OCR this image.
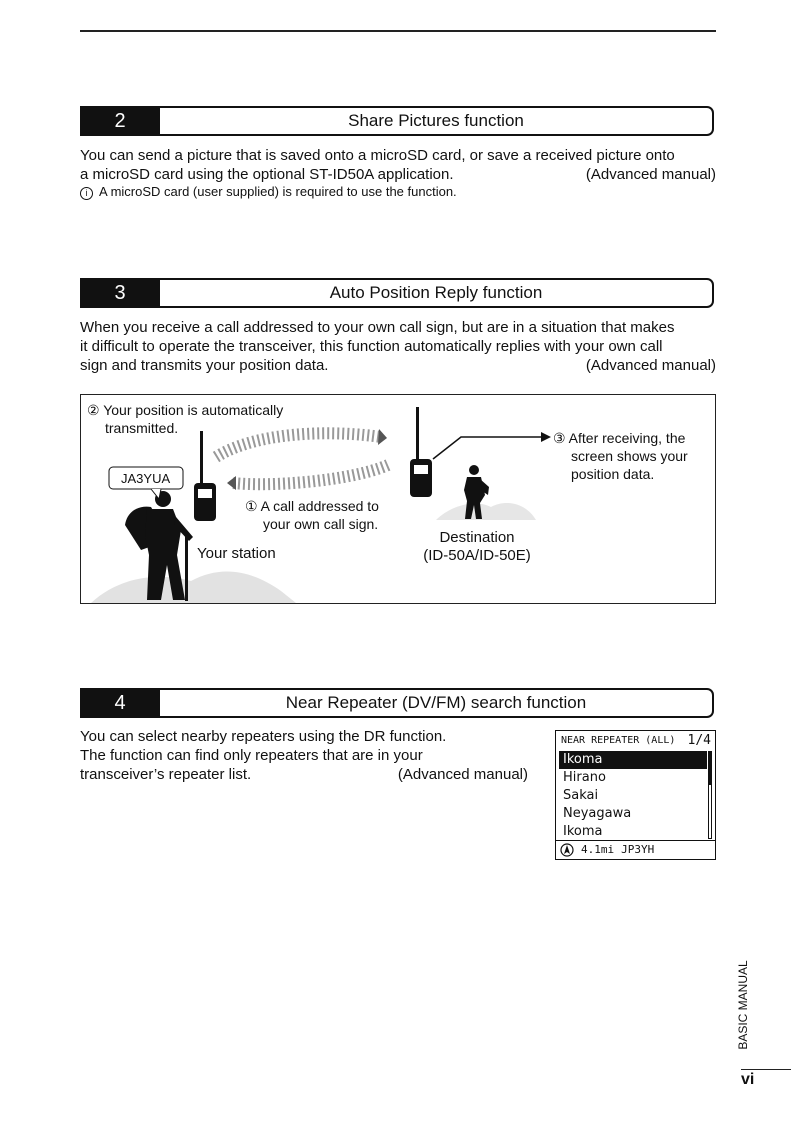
2	Share Pictures function
You can send a picture that is saved onto a microSD card, or save a received picture onto
a microSD card using the optional ST-ID50A application.	(Advanced manual)
i A microSD card (user supplied) is required to use the function.
3	Auto Position Reply function
When you receive a call addressed to your own call sign, but are in a situation that makes
it difficult to operate the transceiver, this function automatically replies with your own call
sign and transmits your position data.	(Advanced manual)
② Your position is automatically
transmitted.
① A call addressed to
your own call sign.
③ After receiving, the
screen shows your
position data.
JA3YUA
Your station
Destination
(ID-50A/ID-50E)
4	Near Repeater (DV/FM) search function
You can select nearby repeaters using the DR function.
The function can find only repeaters that are in your
transceiver’s repeater list.	(Advanced manual)
NEAR REPEATER (ALL) 1/4
Ikoma
Hirano
Sakai
Neyagawa
Ikoma
4.1mi JP3YH
BASIC MANUAL
vi
